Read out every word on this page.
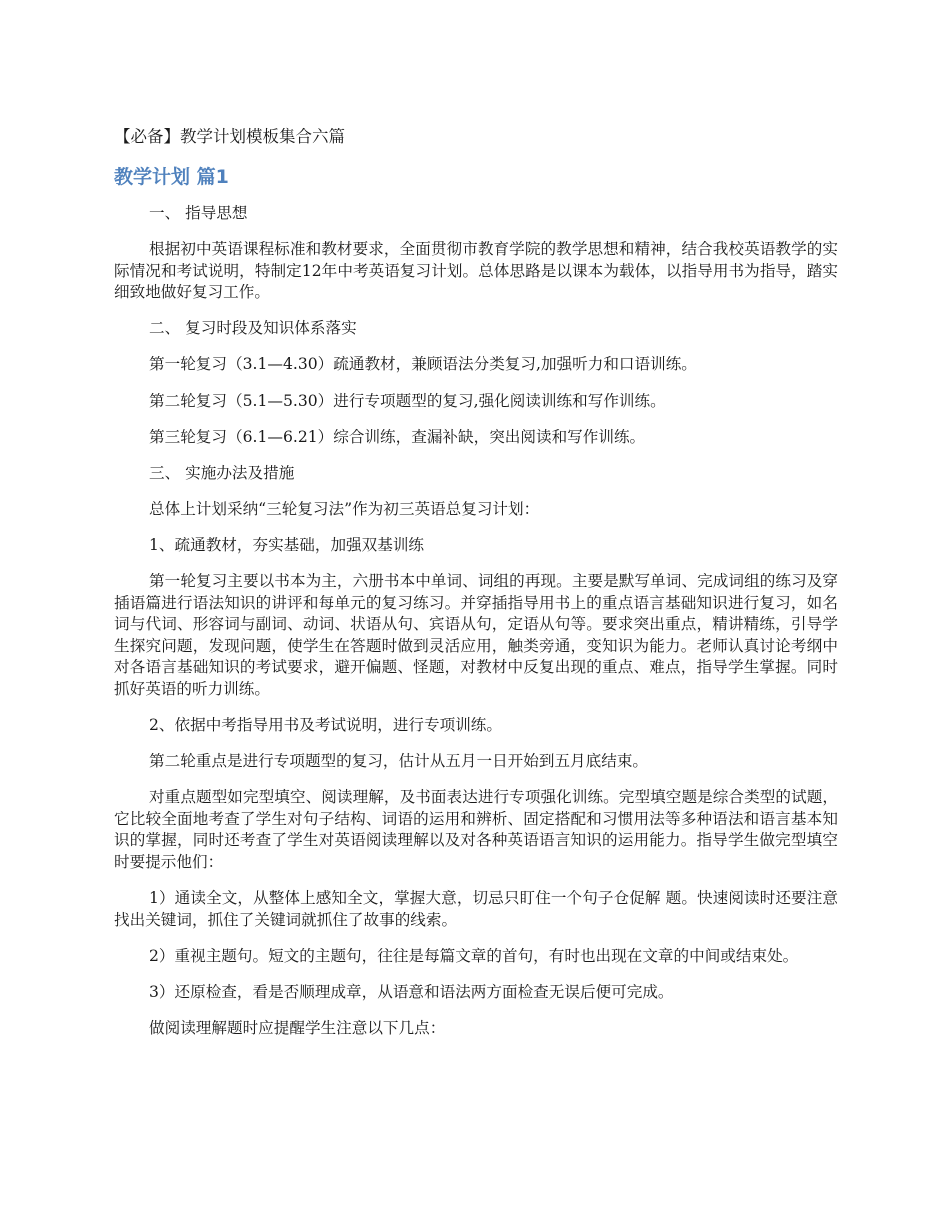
【必备】教学计划模板集合六篇
教学计划 篇1

一、 指导思想

根据初中英语课程标准和教材要求，全面贯彻市教育学院的教学思想和精神，结合我校英语教学的实际情况和考试说明，特制定12年中考英语复习计划。总体思路是以课本为载体，以指导用书为指导，踏实细致地做好复习工作。

二、 复习时段及知识体系落实

第一轮复习（3.1—4.30）疏通教材，兼顾语法分类复习,加强听力和口语训练。

第二轮复习（5.1—5.30）进行专项题型的复习,强化阅读训练和写作训练。

第三轮复习（6.1—6.21）综合训练，查漏补缺，突出阅读和写作训练。

三、 实施办法及措施

总体上计划采纳“三轮复习法”作为初三英语总复习计划：

1、疏通教材，夯实基础，加强双基训练

第一轮复习主要以书本为主，六册书本中单词、词组的再现。主要是默写单词、完成词组的练习及穿插语篇进行语法知识的讲评和每单元的复习练习。并穿插指导用书上的重点语言基础知识进行复习，如名词与代词、形容词与副词、动词、状语从句、宾语从句，定语从句等。要求突出重点，精讲精练，引导学生探究问题，发现问题，使学生在答题时做到灵活应用，触类旁通，变知识为能力。老师认真讨论考纲中对各语言基础知识的考试要求，避开偏题、怪题，对教材中反复出现的重点、难点，指导学生掌握。同时抓好英语的听力训练。

2、依据中考指导用书及考试说明，进行专项训练。

第二轮重点是进行专项题型的复习，估计从五月一日开始到五月底结束。

对重点题型如完型填空、阅读理解，及书面表达进行专项强化训练。完型填空题是综合类型的试题，它比较全面地考查了学生对句子结构、词语的运用和辨析、固定搭配和习惯用法等多种语法和语言基本知识的掌握，同时还考查了学生对英语阅读理解以及对各种英语语言知识的运用能力。指导学生做完型填空时要提示他们：

1）通读全文，从整体上感知全文，掌握大意，切忌只盯住一个句子仓促解 题。快速阅读时还要注意找出关键词，抓住了关键词就抓住了故事的线索。

2）重视主题句。短文的主题句，往往是每篇文章的首句，有时也出现在文章的中间或结束处。

3）还原检查，看是否顺理成章，从语意和语法两方面检查无误后便可完成。

做阅读理解题时应提醒学生注意以下几点：
